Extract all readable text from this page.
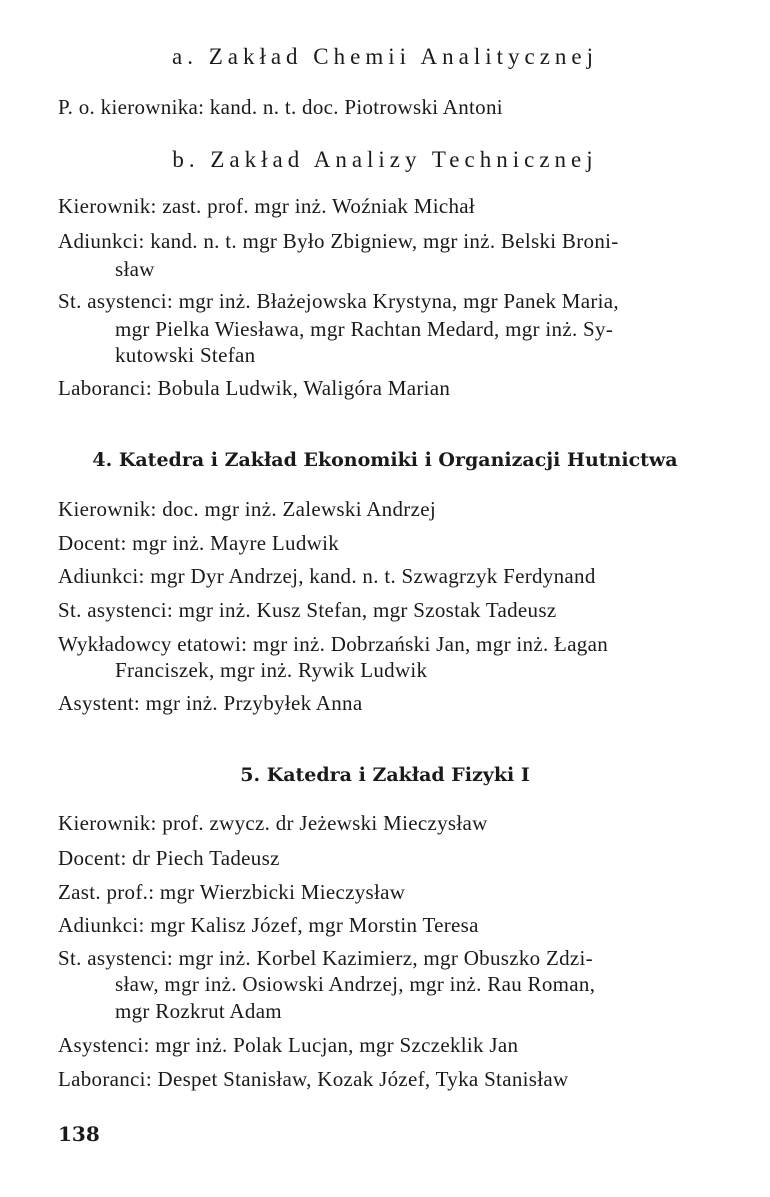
a. Zakład Chemii Analitycznej
P. o. kierownika: kand. n. t. doc. Piotrowski Antoni
b. Zakład Analizy Technicznej
Kierownik: zast. prof. mgr inż. Woźniak Michał
Adiunkci: kand. n. t. mgr Było Zbigniew, mgr inż. Belski Broni-
sław
St. asystenci: mgr inż. Błażejowska Krystyna, mgr Panek Maria,
mgr Pielka Wiesława, mgr Rachtan Medard, mgr inż. Sy-
kutowski Stefan
Laboranci: Bobula Ludwik, Waligóra Marian
4. Katedra i Zakład Ekonomiki i Organizacji Hutnictwa
Kierownik: doc. mgr inż. Zalewski Andrzej
Docent: mgr inż. Mayre Ludwik
Adiunkci: mgr Dyr Andrzej, kand. n. t. Szwagrzyk Ferdynand
St. asystenci: mgr inż. Kusz Stefan, mgr Szostak Tadeusz
Wykładowcy etatowi: mgr inż. Dobrzański Jan, mgr inż. Łagan
Franciszek, mgr inż. Rywik Ludwik
Asystent: mgr inż. Przybyłek Anna
5. Katedra i Zakład Fizyki I
Kierownik: prof. zwycz. dr Jeżewski Mieczysław
Docent: dr Piech Tadeusz
Zast. prof.: mgr Wierzbicki Mieczysław
Adiunkci: mgr Kalisz Józef, mgr Morstin Teresa
St. asystenci: mgr inż. Korbel Kazimierz, mgr Obuszko Zdzi-
sław, mgr inż. Osiowski Andrzej, mgr inż. Rau Roman,
mgr Rozkrut Adam
Asystenci: mgr inż. Polak Lucjan, mgr Szczeklik Jan
Laboranci: Despet Stanisław, Kozak Józef, Tyka Stanisław
138
